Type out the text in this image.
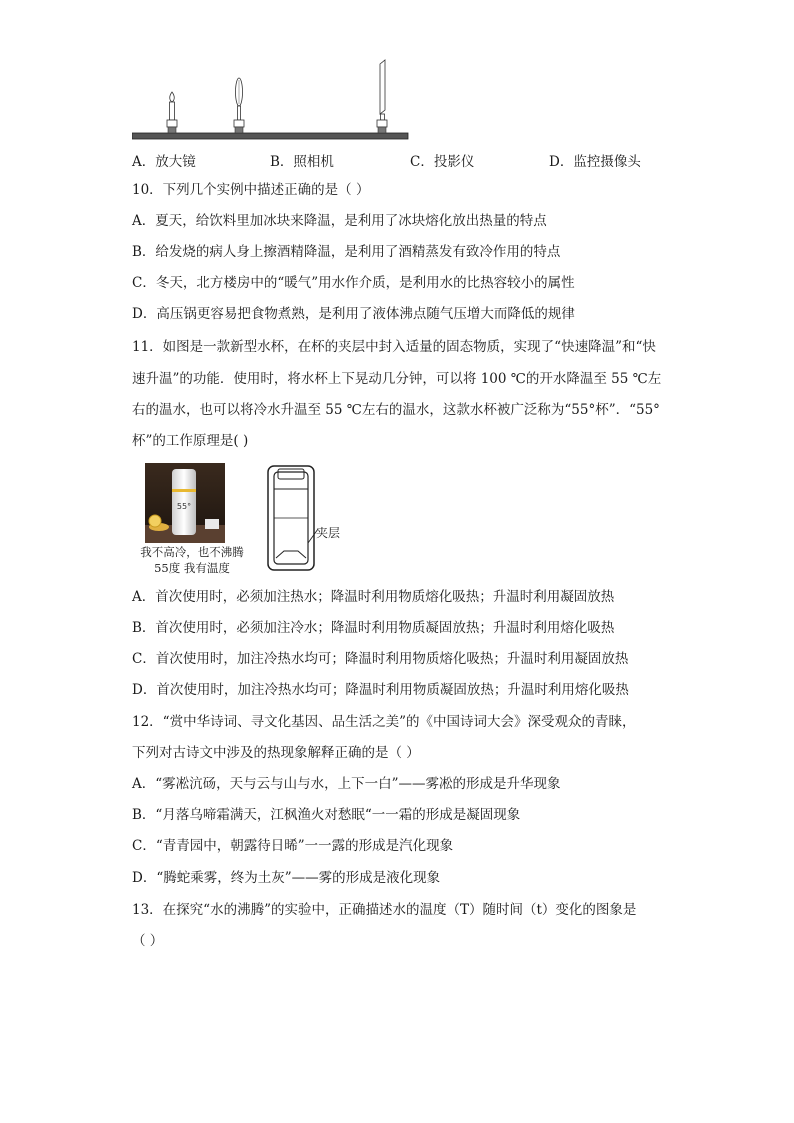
A．放大镜	B．照相机	C．投影仪	D．监控摄像头
10．下列几个实例中描述正确的是（ ）
A．夏天，给饮料里加冰块来降温，是利用了冰块熔化放出热量的特点
B．给发烧的病人身上擦酒精降温，是利用了酒精蒸发有致冷作用的特点
C．冬天，北方楼房中的“暖气”用水作介质，是利用水的比热容较小的属性
D．高压锅更容易把食物煮熟，是利用了液体沸点随气压增大而降低的规律
11．如图是一款新型水杯，在杯的夹层中封入适量的固态物质，实现了“快速降温”和“快
速升温”的功能．使用时，将水杯上下晃动几分钟，可以将 100 ℃的开水降温至 55 ℃左
右的温水，也可以将冷水升温至 55 ℃左右的温水，这款水杯被广泛称为“55°杯”．“55°
杯”的工作原理是( )
55°
我不高冷，也不沸腾
55度 我有温度
夹层
A．首次使用时，必须加注热水；降温时利用物质熔化吸热；升温时利用凝固放热
B．首次使用时，必须加注冷水；降温时利用物质凝固放热；升温时利用熔化吸热
C．首次使用时，加注冷热水均可；降温时利用物质熔化吸热；升温时利用凝固放热
D．首次使用时，加注冷热水均可；降温时利用物质凝固放热；升温时利用熔化吸热
12．“赏中华诗词、寻文化基因、品生活之美”的《中国诗词大会》深受观众的青睐，
下列对古诗文中涉及的热现象解释正确的是（ ）
A．“雾凇沆砀，天与云与山与水，上下一白”——雾凇的形成是升华现象
B．“月落乌啼霜满天，江枫渔火对愁眠“一一霜的形成是凝固现象
C．“青青园中，朝露待日晞”一一露的形成是汽化现象
D．“腾蛇乘雾，终为土灰”——雾的形成是液化现象
13．在探究“水的沸腾”的实验中，正确描述水的温度（T）随时间（t）变化的图象是
（ ）
